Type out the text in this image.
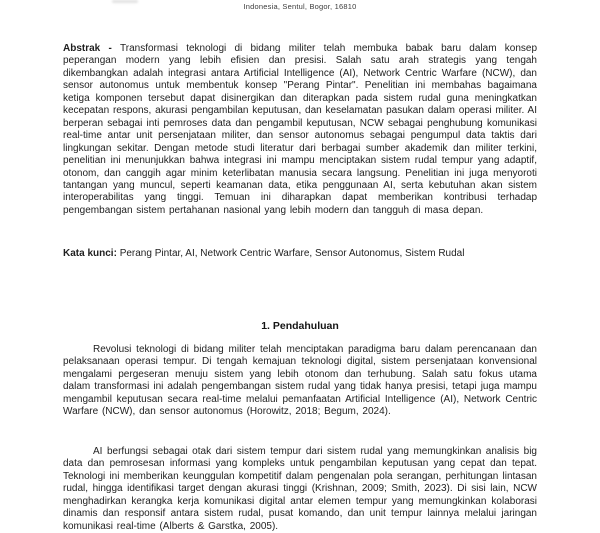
Indonesia, Sentul, Bogor, 16810

Abstrak - Transformasi teknologi di bidang militer telah membuka babak baru dalam konsep peperangan modern yang lebih efisien dan presisi. Salah satu arah strategis yang tengah dikembangkan adalah integrasi antara Artificial Intelligence (AI), Network Centric Warfare (NCW), dan sensor autonomus untuk membentuk konsep "Perang Pintar". Penelitian ini membahas bagaimana ketiga komponen tersebut dapat disinergikan dan diterapkan pada sistem rudal guna meningkatkan kecepatan respons, akurasi pengambilan keputusan, dan keselamatan pasukan dalam operasi militer. AI berperan sebagai inti pemroses data dan pengambil keputusan, NCW sebagai penghubung komunikasi real-time antar unit persenjataan militer, dan sensor autonomus sebagai pengumpul data taktis dari lingkungan sekitar. Dengan metode studi literatur dari berbagai sumber akademik dan militer terkini, penelitian ini menunjukkan bahwa integrasi ini mampu menciptakan sistem rudal tempur yang adaptif, otonom, dan canggih agar minim keterlibatan manusia secara langsung. Penelitian ini juga menyoroti tantangan yang muncul, seperti keamanan data, etika penggunaan AI, serta kebutuhan akan sistem interoperabilitas yang tinggi. Temuan ini diharapkan dapat memberikan kontribusi terhadap pengembangan sistem pertahanan nasional yang lebih modern dan tangguh di masa depan.

Kata kunci: Perang Pintar, AI, Network Centric Warfare, Sensor Autonomus, Sistem Rudal

1. Pendahuluan

Revolusi teknologi di bidang militer telah menciptakan paradigma baru dalam perencanaan dan pelaksanaan operasi tempur. Di tengah kemajuan teknologi digital, sistem persenjataan konvensional mengalami pergeseran menuju sistem yang lebih otonom dan terhubung. Salah satu fokus utama dalam transformasi ini adalah pengembangan sistem rudal yang tidak hanya presisi, tetapi juga mampu mengambil keputusan secara real-time melalui pemanfaatan Artificial Intelligence (AI), Network Centric Warfare (NCW), dan sensor autonomus (Horowitz, 2018; Begum, 2024).

AI berfungsi sebagai otak dari sistem tempur dari sistem rudal yang memungkinkan analisis big data dan pemrosesan informasi yang kompleks untuk pengambilan keputusan yang cepat dan tepat. Teknologi ini memberikan keunggulan kompetitif dalam pengenalan pola serangan, perhitungan lintasan rudal, hingga identifikasi target dengan akurasi tinggi (Krishnan, 2009; Smith, 2023). Di sisi lain, NCW menghadirkan kerangka kerja komunikasi digital antar elemen tempur yang memungkinkan kolaborasi dinamis dan responsif antara sistem rudal, pusat komando, dan unit tempur lainnya melalui jaringan komunikasi real-time (Alberts & Garstka, 2005).
